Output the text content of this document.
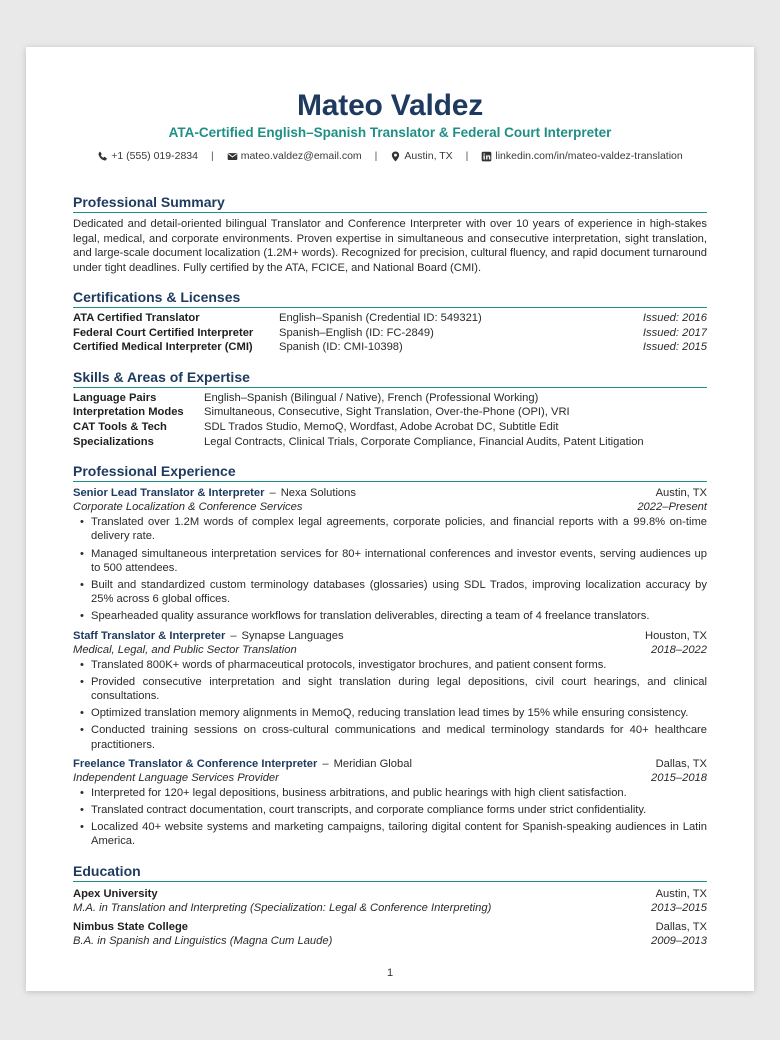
Mateo Valdez
ATA-Certified English–Spanish Translator & Federal Court Interpreter
+1 (555) 019-2834 |	mateo.valdez@email.com |	Austin, TX |	linkedin.com/in/mateo-valdez-translation
Professional Summary

Dedicated and detail-oriented bilingual Translator and Conference Interpreter with over 10 years of experience in high-stakes legal, medical, and corporate environments. Proven expertise in simultaneous and consecutive interpretation, sight translation, and large-scale document localization (1.2M+ words). Recognized for precision, cultural fluency, and rapid document turnaround under tight deadlines. Fully certified by the ATA, FCICE, and National Board (CMI).

Certifications & Licenses
ATA Certified Translator	English–Spanish (Credential ID: 549321)	Issued: 2016
Federal Court Certified Interpreter	Spanish–English (ID: FC-2849)	Issued: 2017
Certified Medical Interpreter (CMI)	Spanish (ID: CMI-10398)	Issued: 2015
Skills & Areas of Expertise
Language Pairs	English–Spanish (Bilingual / Native), French (Professional Working)
Interpretation Modes	Simultaneous, Consecutive, Sight Translation, Over-the-Phone (OPI), VRI
CAT Tools & Tech	SDL Trados Studio, MemoQ, Wordfast, Adobe Acrobat DC, Subtitle Edit
Specializations	Legal Contracts, Clinical Trials, Corporate Compliance, Financial Audits, Patent Litigation
Professional Experience
Senior Lead Translator & Interpreter – Nexa Solutions	Austin, TX
Corporate Localization & Conference Services	2022–Present
• Translated over 1.2M words of complex legal agreements, corporate policies, and financial reports with a 99.8% on-time delivery rate.
• Managed simultaneous interpretation services for 80+ international conferences and investor events, serving audiences up to 500 attendees.
• Built and standardized custom terminology databases (glossaries) using SDL Trados, improving localization accuracy by 25% across 6 global offices.
• Spearheaded quality assurance workflows for translation deliverables, directing a team of 4 freelance translators.
Staff Translator & Interpreter – Synapse Languages	Houston, TX
Medical, Legal, and Public Sector Translation	2018–2022
• Translated 800K+ words of pharmaceutical protocols, investigator brochures, and patient consent forms.
• Provided consecutive interpretation and sight translation during legal depositions, civil court hearings, and clinical consultations.
• Optimized translation memory alignments in MemoQ, reducing translation lead times by 15% while ensuring consistency.
• Conducted training sessions on cross-cultural communications and medical terminology standards for 40+ healthcare practitioners.
Freelance Translator & Conference Interpreter – Meridian Global	Dallas, TX
Independent Language Services Provider	2015–2018
• Interpreted for 120+ legal depositions, business arbitrations, and public hearings with high client satisfaction.
• Translated contract documentation, court transcripts, and corporate compliance forms under strict confidentiality.
• Localized 40+ website systems and marketing campaigns, tailoring digital content for Spanish-speaking audiences in Latin America.
Education
Apex University	Austin, TX
M.A. in Translation and Interpreting (Specialization: Legal & Conference Interpreting)	2013–2015
Nimbus State College	Dallas, TX
B.A. in Spanish and Linguistics (Magna Cum Laude)	2009–2013
1
